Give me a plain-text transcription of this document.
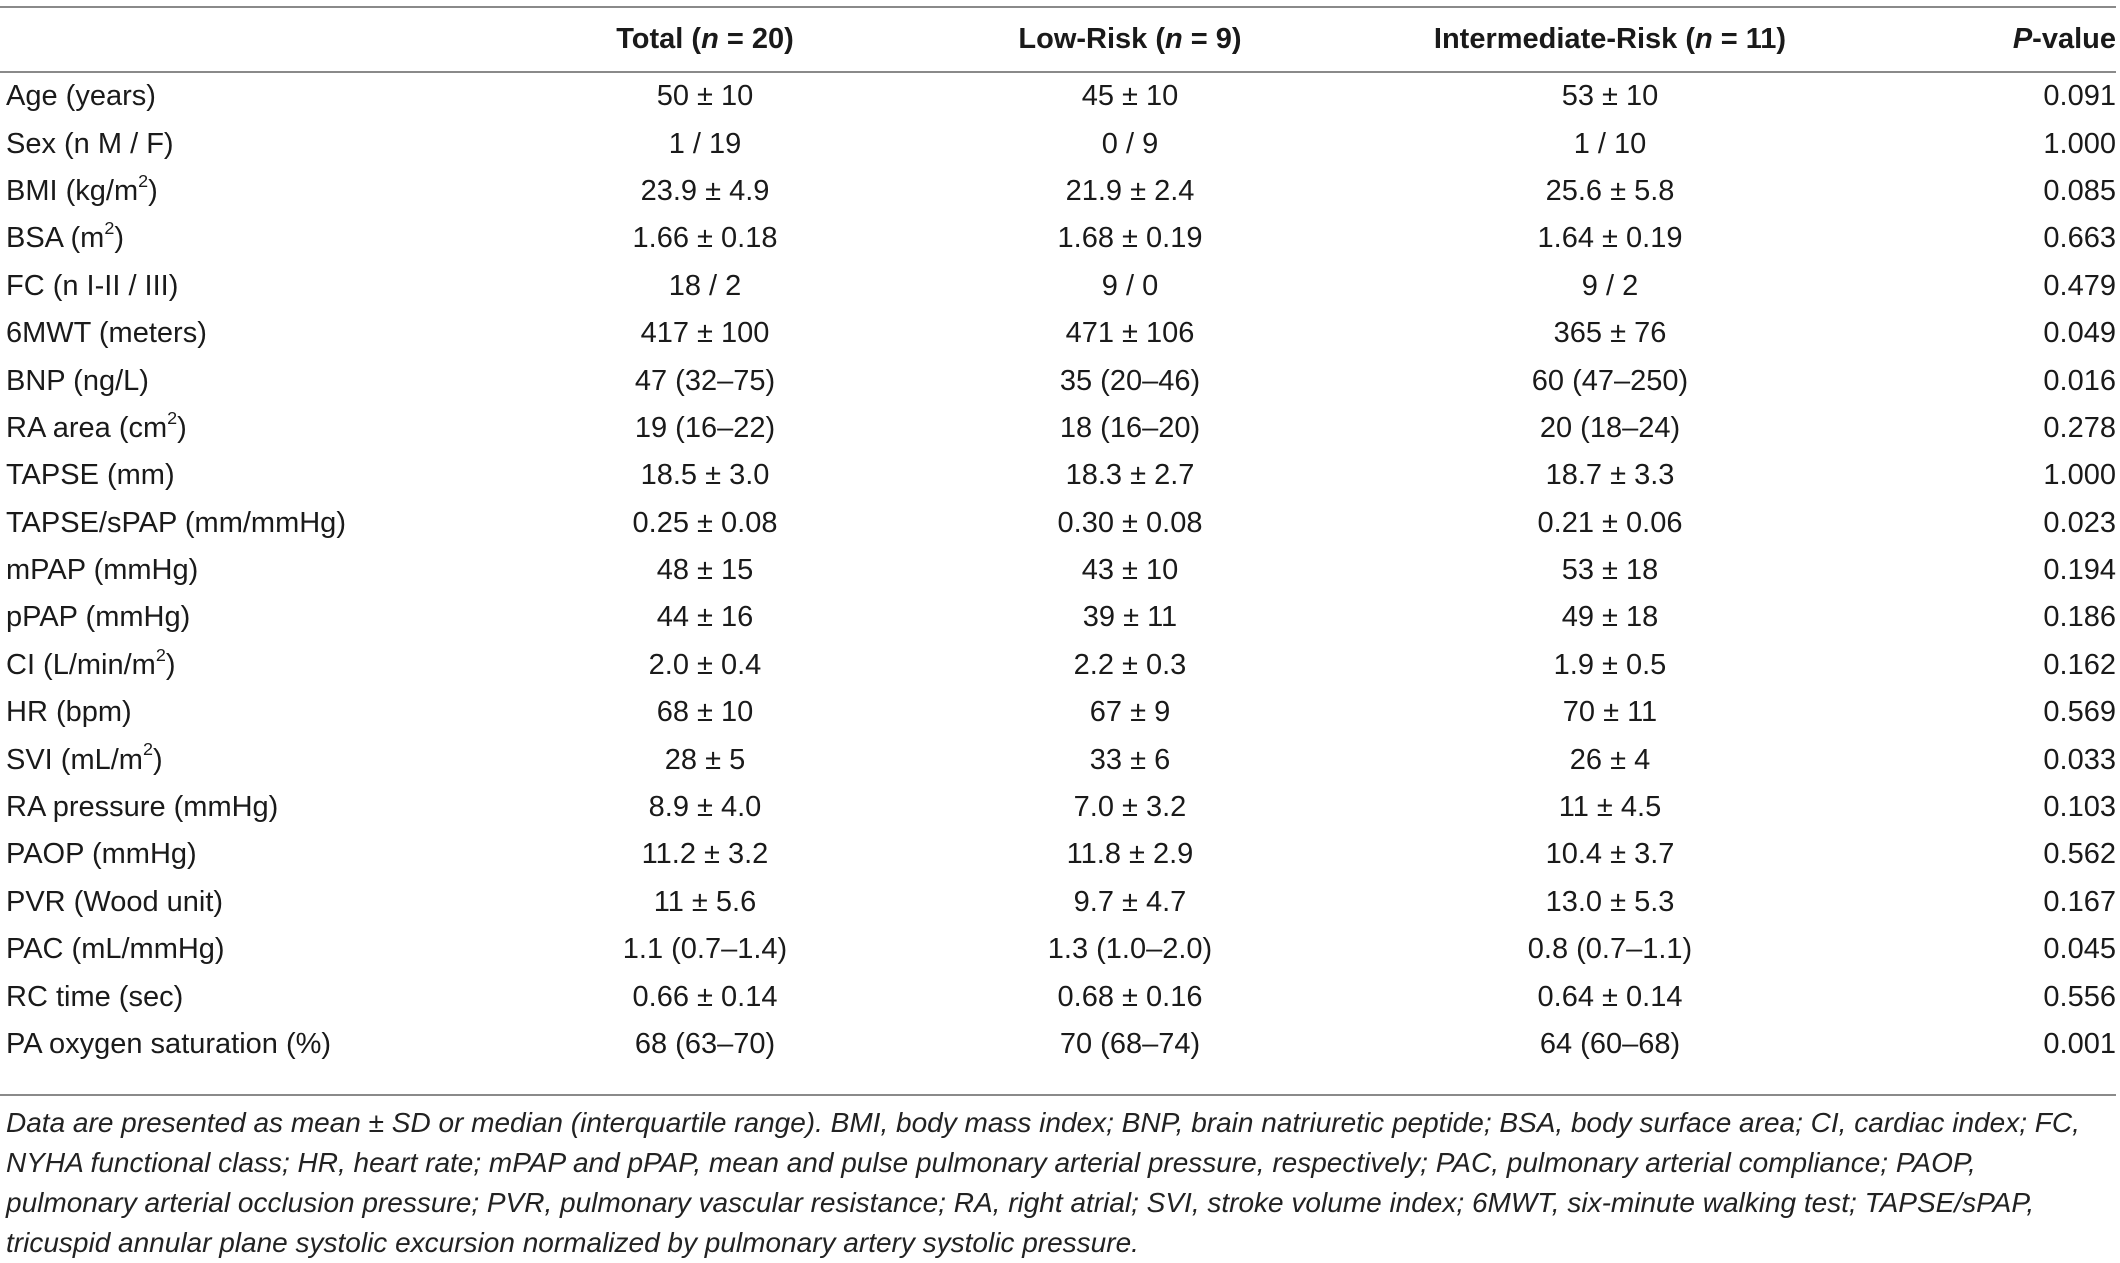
	Total (n = 20)	Low-Risk (n = 9)	Intermediate-Risk (n = 11)	P-value
Age (years)	50 ± 10	45 ± 10	53 ± 10	0.091
Sex (n M / F)	1 / 19	0 / 9	1 / 10	1.000
BMI $(kg/m^2)$	23.9 ± 4.9	21.9 ± 2.4	25.6 ± 5.8	0.085
BSA $(m^2)$	1.66 ± 0.18	1.68 ± 0.19	1.64 ± 0.19	0.663
FC (n I-II / III)	18 / 2	9 / 0	9 / 2	0.479
6MWT (meters)	417 ± 100	471 ± 106	365 ± 76	0.049
BNP (ng/L)	47 (32–75)	35 (20–46)	60 (47–250)	0.016
RA area $(cm^2)$	19 (16–22)	18 (16–20)	20 (18–24)	0.278
TAPSE (mm)	18.5 ± 3.0	18.3 ± 2.7	18.7 ± 3.3	1.000
TAPSE/sPAP (mm/mmHg)	0.25 ± 0.08	0.30 ± 0.08	0.21 ± 0.06	0.023
mPAP (mmHg)	48 ± 15	43 ± 10	53 ± 18	0.194
pPAP (mmHg)	44 ± 16	39 ± 11	49 ± 18	0.186
CI $(L/\min/m^2)$	2.0 ± 0.4	2.2 ± 0.3	1.9 ± 0.5	0.162
HR (bpm)	68 ± 10	67 ± 9	70 ± 11	0.569
SVI $(mL/m^2)$	28 ± 5	33 ± 6	26 ± 4	0.033
RA pressure (mmHg)	8.9 ± 4.0	7.0 ± 3.2	11 ± 4.5	0.103
PAOP (mmHg)	11.2 ± 3.2	11.8 ± 2.9	10.4 ± 3.7	0.562
PVR (Wood unit)	11 ± 5.6	9.7 ± 4.7	13.0 ± 5.3	0.167
PAC (mL/mmHg)	1.1 (0.7–1.4)	1.3 (1.0–2.0)	0.8 (0.7–1.1)	0.045
RC time (sec)	0.66 ± 0.14	0.68 ± 0.16	0.64 ± 0.14	0.556
PA oxygen saturation (%)	68 (63–70)	70 (68–74)	64 (60–68)	0.001

Data are presented as mean ± SD or median (interquartile range). BMI, body mass index; BNP, brain natriuretic peptide; BSA, body surface area; CI, cardiac index; FC, NYHA functional class; HR, heart rate; mPAP and pPAP, mean and pulse pulmonary arterial pressure, respectively; PAC, pulmonary arterial compliance; PAOP, pulmonary arterial occlusion pressure; PVR, pulmonary vascular resistance; RA, right atrial; SVI, stroke volume index; 6MWT, six-minute walking test; TAPSE/sPAP, tricuspid annular plane systolic excursion normalized by pulmonary artery systolic pressure.
